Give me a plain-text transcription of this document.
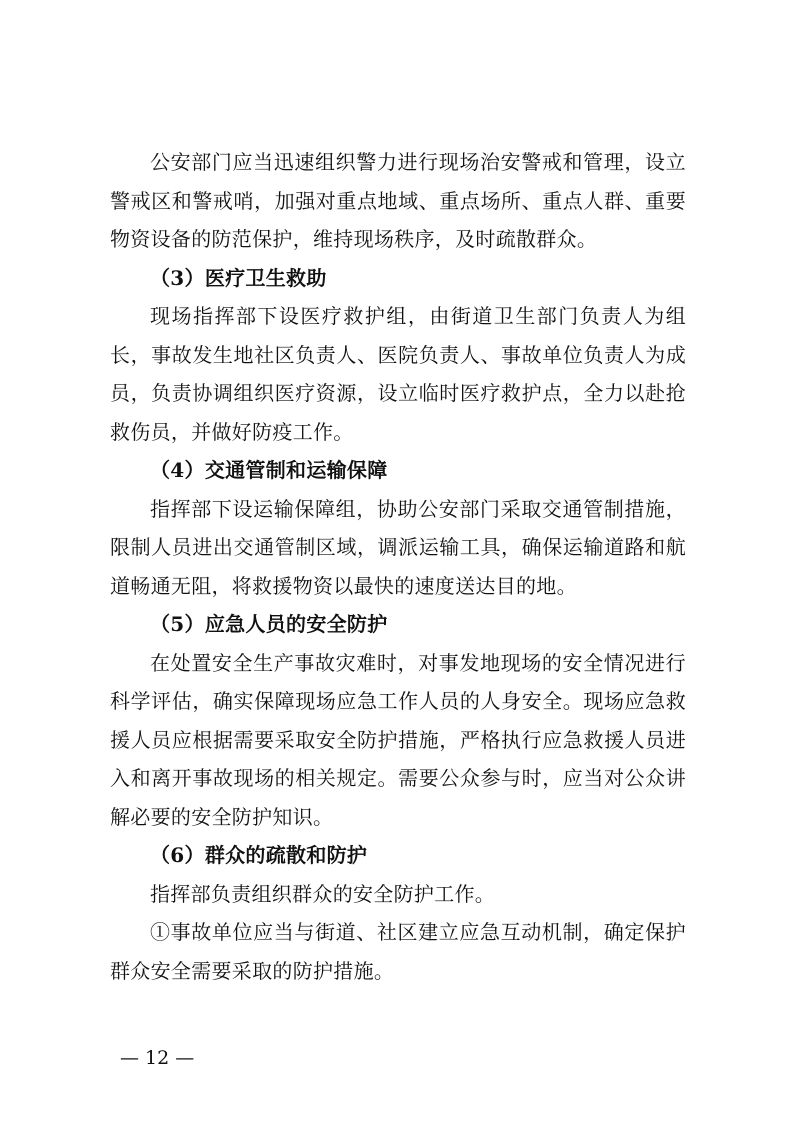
公安部门应当迅速组织警力进行现场治安警戒和管理，设立警戒区和警戒哨，加强对重点地域、重点场所、重点人群、重要物资设备的防范保护，维持现场秩序，及时疏散群众。

（3）医疗卫生救助

现场指挥部下设医疗救护组，由街道卫生部门负责人为组长，事故发生地社区负责人、医院负责人、事故单位负责人为成员，负责协调组织医疗资源，设立临时医疗救护点，全力以赴抢救伤员，并做好防疫工作。

（4）交通管制和运输保障

指挥部下设运输保障组，协助公安部门采取交通管制措施，限制人员进出交通管制区域，调派运输工具，确保运输道路和航道畅通无阻，将救援物资以最快的速度送达目的地。

（5）应急人员的安全防护

在处置安全生产事故灾难时，对事发地现场的安全情况进行科学评估，确实保障现场应急工作人员的人身安全。现场应急救援人员应根据需要采取安全防护措施，严格执行应急救援人员进入和离开事故现场的相关规定。需要公众参与时，应当对公众讲解必要的安全防护知识。

（6）群众的疏散和防护

指挥部负责组织群众的安全防护工作。

①事故单位应当与街道、社区建立应急互动机制，确定保护群众安全需要采取的防护措施。

— 12 —
